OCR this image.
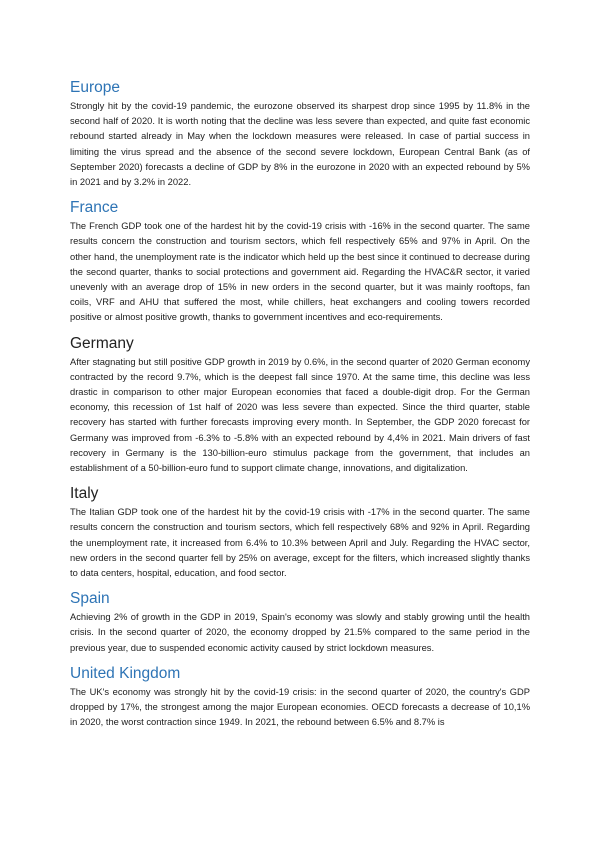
Europe

Strongly hit by the covid-19 pandemic, the eurozone observed its sharpest drop since 1995 by 11.8% in the second half of 2020. It is worth noting that the decline was less severe than expected, and quite fast economic rebound started already in May when the lockdown measures were released. In case of partial success in limiting the virus spread and the absence of the second severe lockdown, European Central Bank (as of September 2020) forecasts a decline of GDP by 8% in the eurozone in 2020 with an expected rebound by 5% in 2021 and by 3.2% in 2022.

France

The French GDP took one of the hardest hit by the covid-19 crisis with -16% in the second quarter. The same results concern the construction and tourism sectors, which fell respectively 65% and 97% in April. On the other hand, the unemployment rate is the indicator which held up the best since it continued to decrease during the second quarter, thanks to social protections and government aid. Regarding the HVAC&R sector, it varied unevenly with an average drop of 15% in new orders in the second quarter, but it was mainly rooftops, fan coils, VRF and AHU that suffered the most, while chillers, heat exchangers and cooling towers recorded positive or almost positive growth, thanks to government incentives and eco-requirements.

Germany

After stagnating but still positive GDP growth in 2019 by 0.6%, in the second quarter of 2020 German economy contracted by the record 9.7%, which is the deepest fall since 1970. At the same time, this decline was less drastic in comparison to other major European economies that faced a double-digit drop. For the German economy, this recession of 1st half of 2020 was less severe than expected. Since the third quarter, stable recovery has started with further forecasts improving every month. In September, the GDP 2020 forecast for Germany was improved from -6.3% to -5.8% with an expected rebound by 4,4% in 2021. Main drivers of fast recovery in Germany is the 130-billion-euro stimulus package from the government, that includes an establishment of a 50-billion-euro fund to support climate change, innovations, and digitalization.

Italy

The Italian GDP took one of the hardest hit by the covid-19 crisis with -17% in the second quarter. The same results concern the construction and tourism sectors, which fell respectively 68% and 92% in April. Regarding the unemployment rate, it increased from 6.4% to 10.3% between April and July. Regarding the HVAC sector, new orders in the second quarter fell by 25% on average, except for the filters, which increased slightly thanks to data centers, hospital, education, and food sector.

Spain

Achieving 2% of growth in the GDP in 2019, Spain's economy was slowly and stably growing until the health crisis. In the second quarter of 2020, the economy dropped by 21.5% compared to the same period in the previous year, due to suspended economic activity caused by strict lockdown measures.

United Kingdom

The UK's economy was strongly hit by the covid-19 crisis: in the second quarter of 2020, the country's GDP dropped by 17%, the strongest among the major European economies. OECD forecasts a decrease of 10,1% in 2020, the worst contraction since 1949. In 2021, the rebound between 6.5% and 8.7% is
